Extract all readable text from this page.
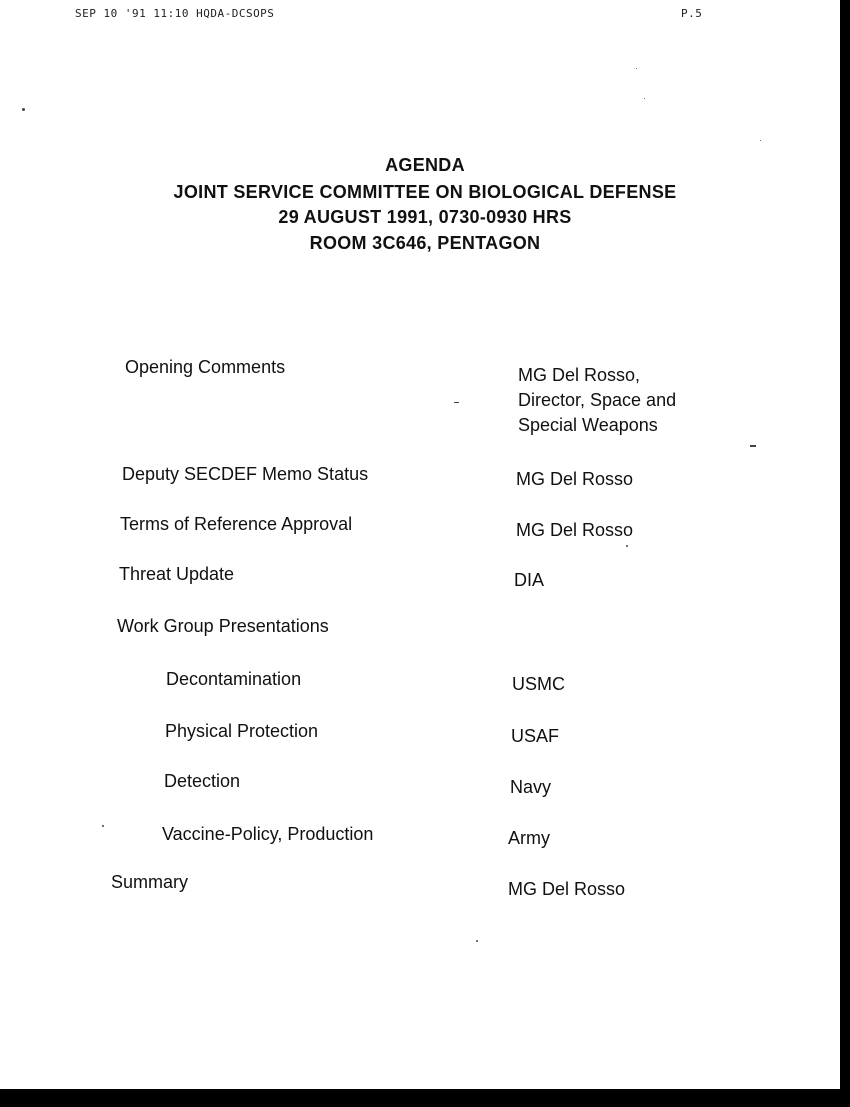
SEP 10 '91 11:10 HQDA-DCSOPS	P.5
AGENDA
JOINT SERVICE COMMITTEE ON BIOLOGICAL DEFENSE
29 AUGUST 1991, 0730-0930 HRS
ROOM 3C646, PENTAGON
Opening Comments	MG Del Rosso,
Director, Space and
Special Weapons
Deputy SECDEF Memo Status	MG Del Rosso
Terms of Reference Approval	MG Del Rosso
Threat Update	DIA
Work Group Presentations
Decontamination	USMC
Physical Protection	USAF
Detection	Navy
Vaccine-Policy, Production	Army
Summary	MG Del Rosso
